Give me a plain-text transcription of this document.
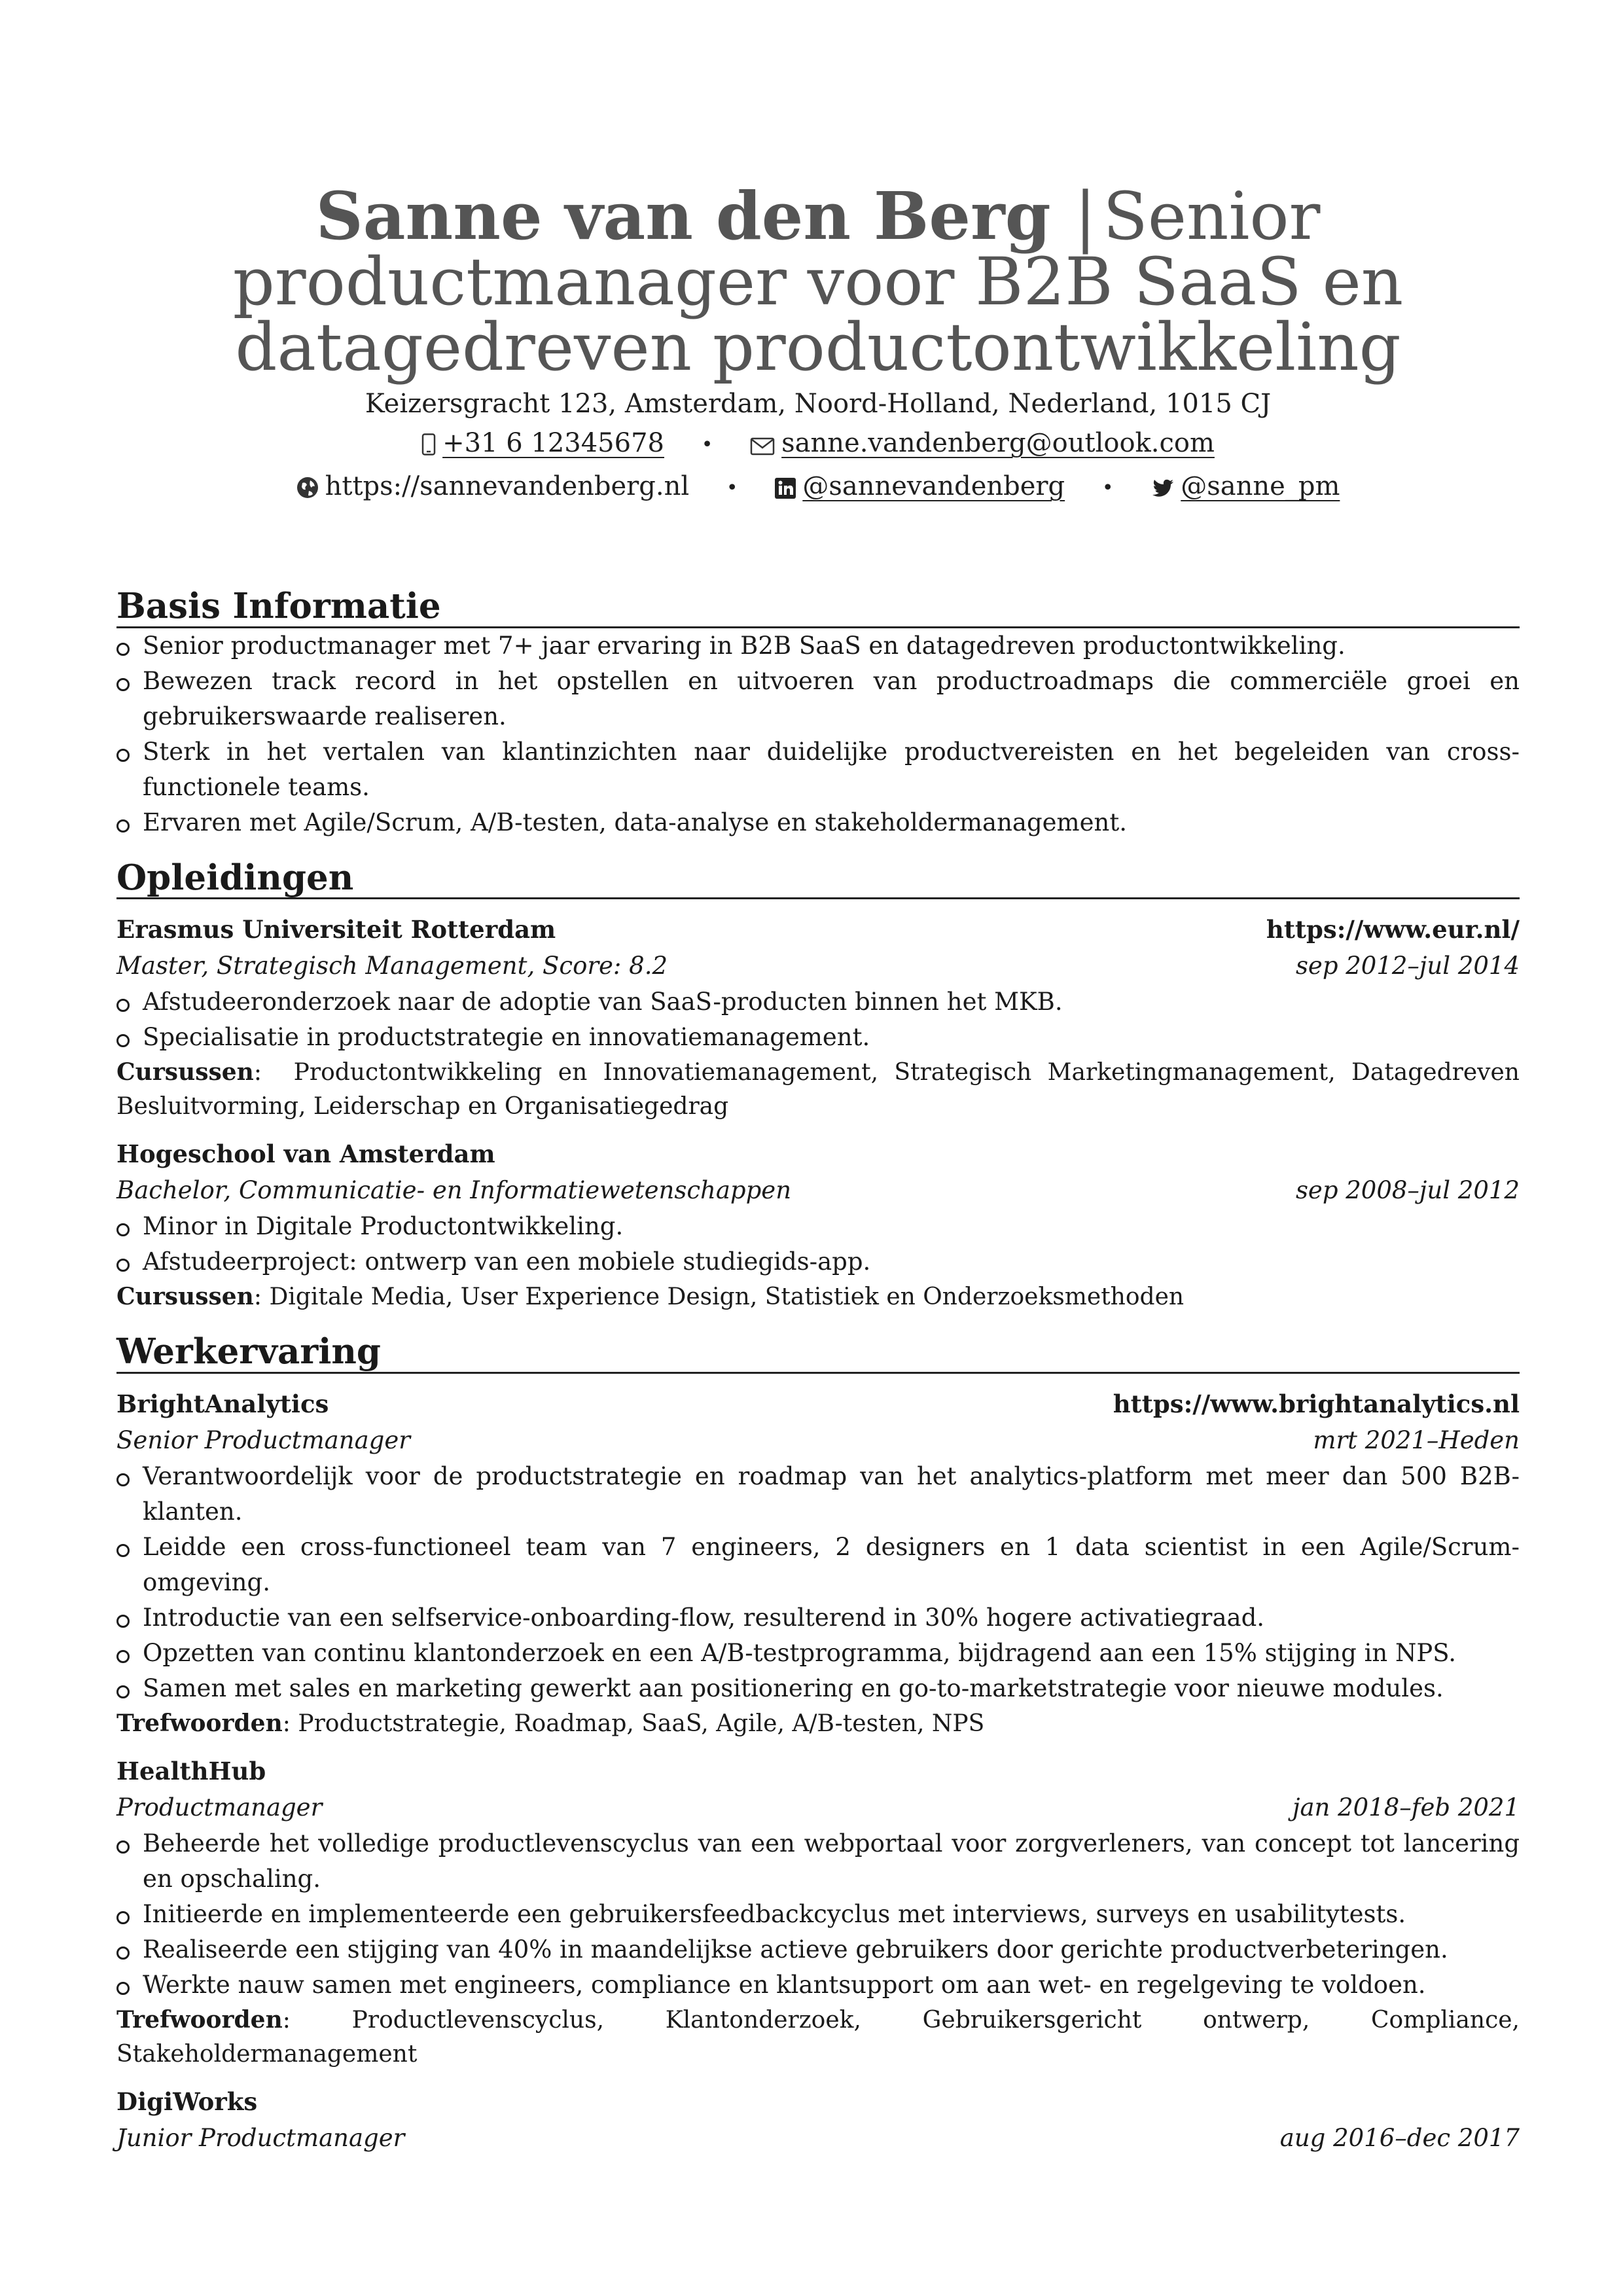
Sanne van den Berg | Senior productmanager voor B2B SaaS en datagedreven productontwikkeling
Keizersgracht 123, Amsterdam, Noord-Holland, Nederland, 1015 CJ
+31 6 12345678 •	sanne.vandenberg@outlook.com
https://sannevandenberg.nl • @sannevandenberg •	@sanne_pm
Basis Informatie
Senior productmanager met 7+ jaar ervaring in B2B SaaS en datagedreven productontwikkeling.
Bewezen track record in het opstellen en uitvoeren van productroadmaps die commerciële groei en gebruikerswaarde realiseren.
Sterk in het vertalen van klantinzichten naar duidelijke productvereisten en het begeleiden van cross-functionele teams.
Ervaren met Agile/Scrum, A/B-testen, data-analyse en stakeholdermanagement.
Opleidingen
Erasmus Universiteit Rotterdam	https://www.eur.nl/
Master, Strategisch Management, Score: 8.2	sep 2012–jul 2014
Afstudeeronderzoek naar de adoptie van SaaS-producten binnen het MKB.
Specialisatie in productstrategie en innovatiemanagement.
Cursussen:  Productontwikkeling en Innovatiemanagement, Strategisch Marketingmanagement, Datagedreven Besluitvorming, Leiderschap en Organisatiegedrag
Hogeschool van Amsterdam
Bachelor, Communicatie- en Informatiewetenschappen	sep 2008–jul 2012
Minor in Digitale Productontwikkeling.
Afstudeerproject: ontwerp van een mobiele studiegids-app.
Cursussen: Digitale Media, User Experience Design, Statistiek en Onderzoeksmethoden
Werkervaring
BrightAnalytics	https://www.brightanalytics.nl
Senior Productmanager	mrt 2021–Heden
Verantwoordelijk voor de productstrategie en roadmap van het analytics-platform met meer dan 500 B2B-klanten.
Leidde een cross-functioneel team van 7 engineers, 2 designers en 1 data scientist in een Agile/Scrum-omgeving.
Introductie van een selfservice-onboarding-flow, resulterend in 30% hogere activatiegraad.
Opzetten van continu klantonderzoek en een A/B-testprogramma, bijdragend aan een 15% stijging in NPS.
Samen met sales en marketing gewerkt aan positionering en go-to-marketstrategie voor nieuwe modules.
Trefwoorden: Productstrategie, Roadmap, SaaS, Agile, A/B-testen, NPS
HealthHub
Productmanager	jan 2018–feb 2021
Beheerde het volledige productlevenscyclus van een webportaal voor zorgverleners, van concept tot lancering en opschaling.
Initieerde en implementeerde een gebruikersfeedbackcyclus met interviews, surveys en usabilitytests.
Realiseerde een stijging van 40% in maandelijkse actieve gebruikers door gerichte productverbeteringen.
Werkte nauw samen met engineers, compliance en klantsupport om aan wet- en regelgeving te voldoen.
Trefwoorden: Productlevenscyclus, Klantonderzoek, Gebruikersgericht ontwerp, Compliance, Stakeholdermanagement
DigiWorks
Junior Productmanager	aug 2016–dec 2017
